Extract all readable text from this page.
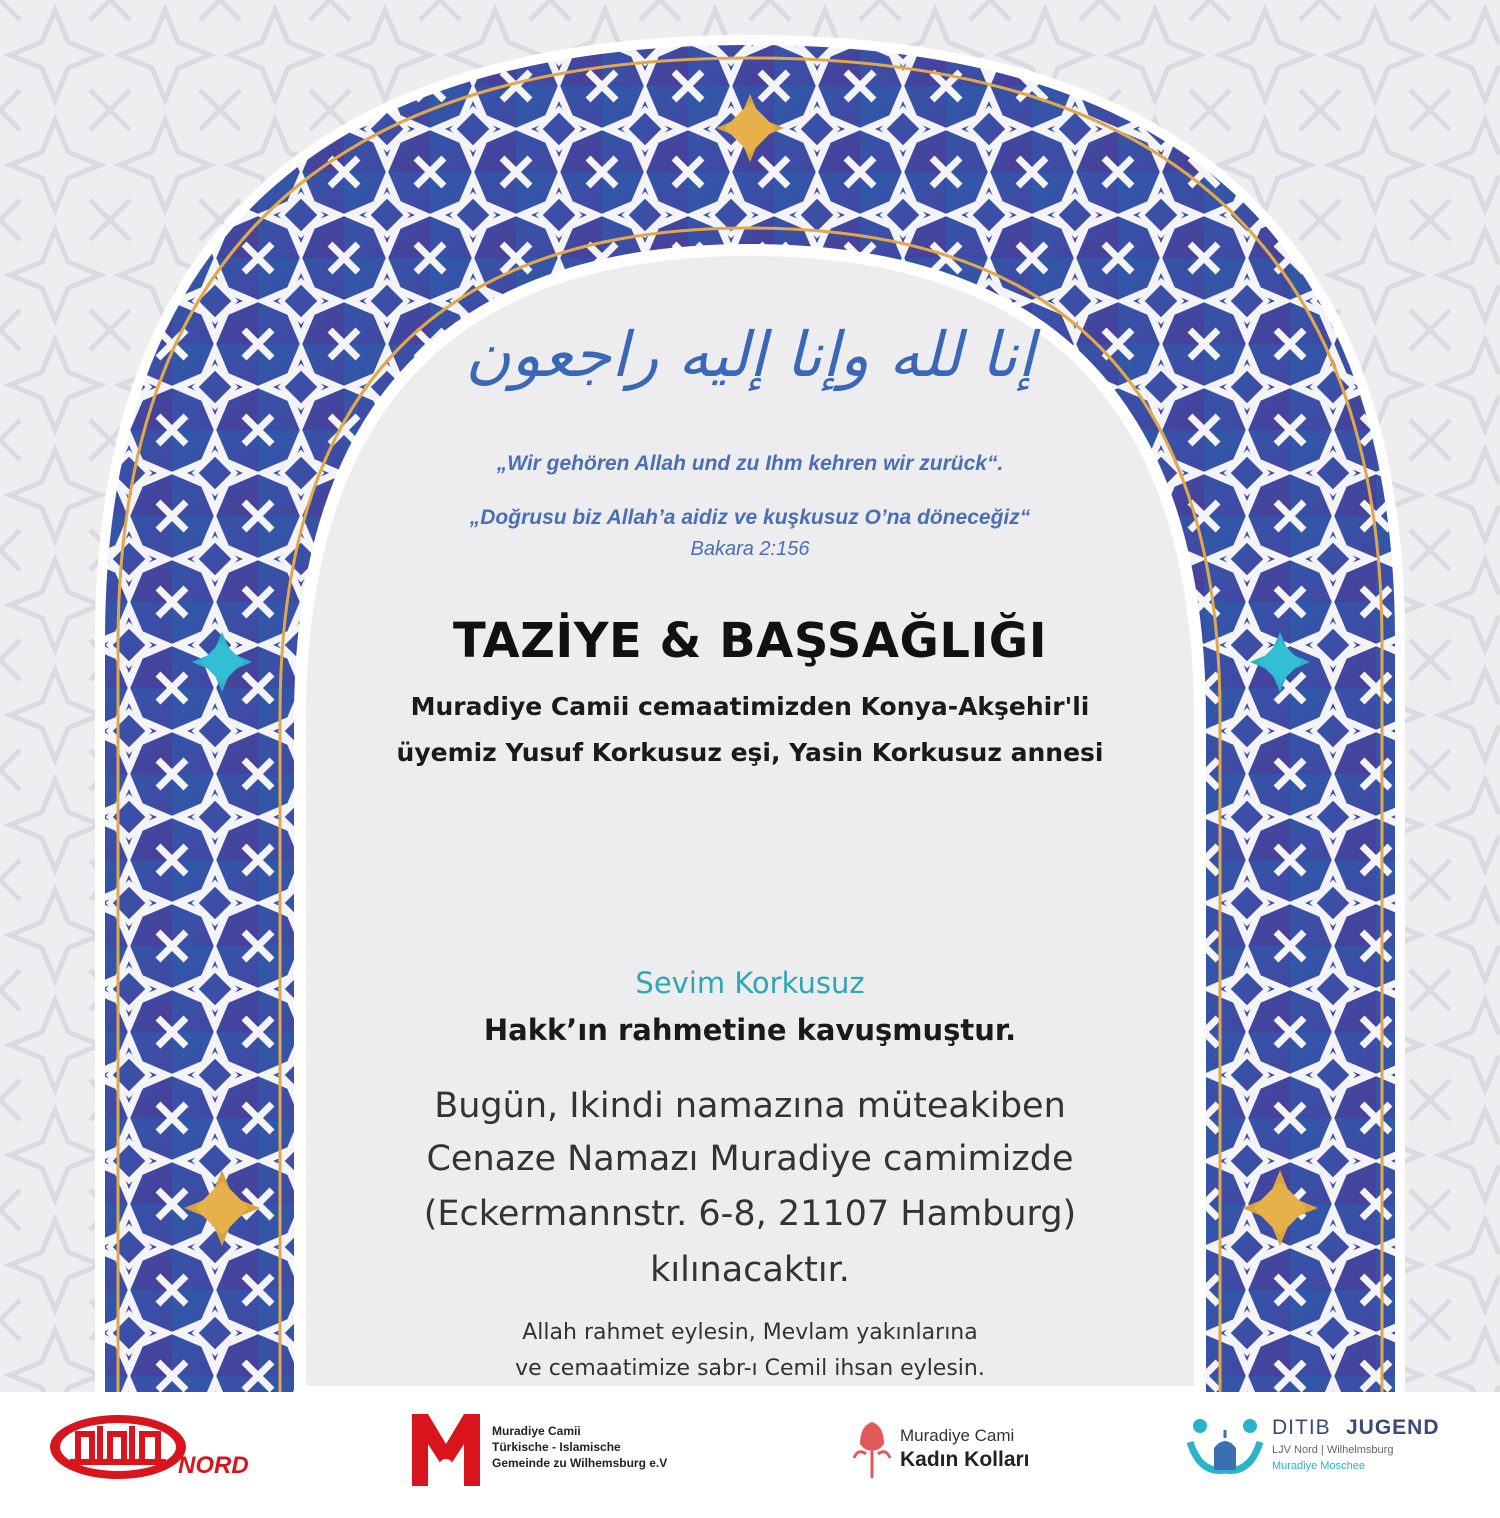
إنا لله وإنا إليه راجعون
„Wir gehören Allah und zu Ihm kehren wir zurück“.
„Doğrusu biz Allah’a aidiz ve kuşkusuz O’na döneceğiz“
Bakara 2:156
TAZİYE & BAŞSAĞLIĞI
Muradiye Camii cemaatimizden Konya-Akşehir'li
üyemiz Yusuf Korkusuz eşi, Yasin Korkusuz annesi
Sevim Korkusuz
Hakk’ın rahmetine kavuşmuştur.
Bugün, Ikindi namazına müteakiben
Cenaze Namazı Muradiye camimizde
(Eckermannstr. 6-8, 21107 Hamburg)
kılınacaktır.
Allah rahmet eylesin, Mevlam yakınlarına
ve cemaatimize sabr-ı Cemil ihsan eylesin.
NORD
Muradiye Camii
Türkische - Islamische
Gemeinde zu Wilhemsburg e.V
Muradiye Cami
Kadın Kolları
DITIB JUGEND
LJV Nord | Wilhelmsburg
Muradiye Moschee
